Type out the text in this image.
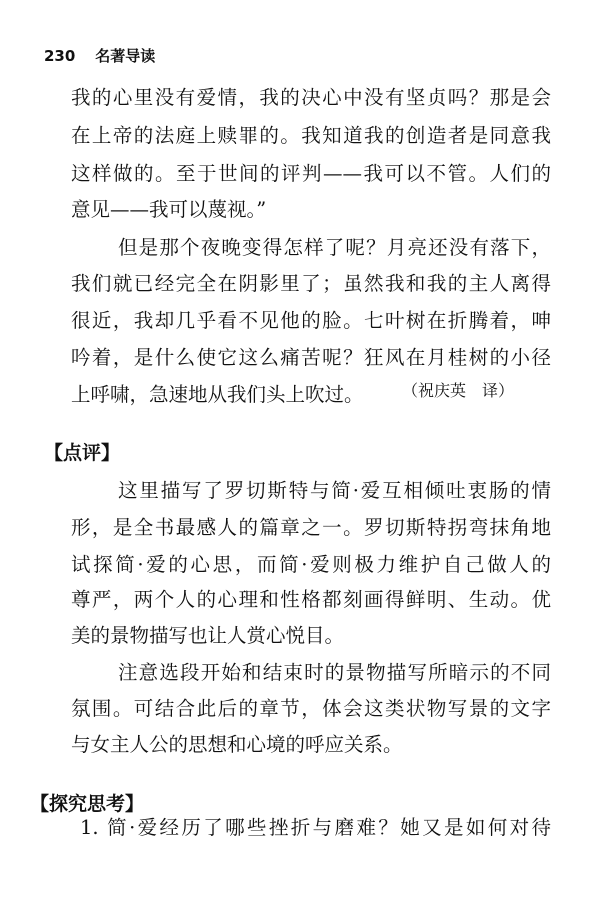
230 名著导读
我的心里没有爱情，我的决心中没有坚贞吗？那是会
在上帝的法庭上赎罪的。我知道我的创造者是同意我
这样做的。至于世间的评判——我可以不管。人们的
意见——我可以蔑视。”
但是那个夜晚变得怎样了呢？月亮还没有落下，
我们就已经完全在阴影里了；虽然我和我的主人离得
很近，我却几乎看不见他的脸。七叶树在折腾着，呻
吟着，是什么使它这么痛苦呢？狂风在月桂树的小径
上呼啸，急速地从我们头上吹过。	（祝庆英　译）
【点评】
这里描写了罗切斯特与简·爱互相倾吐衷肠的情
形，是全书最感人的篇章之一。罗切斯特拐弯抹角地
试探简·爱的心思，而简·爱则极力维护自己做人的
尊严，两个人的心理和性格都刻画得鲜明、生动。优
美的景物描写也让人赏心悦目。
注意选段开始和结束时的景物描写所暗示的不同
氛围。可结合此后的章节，体会这类状物写景的文字
与女主人公的思想和心境的呼应关系。
【探究思考】
1. 简·爱经历了哪些挫折与磨难？她又是如何对待
